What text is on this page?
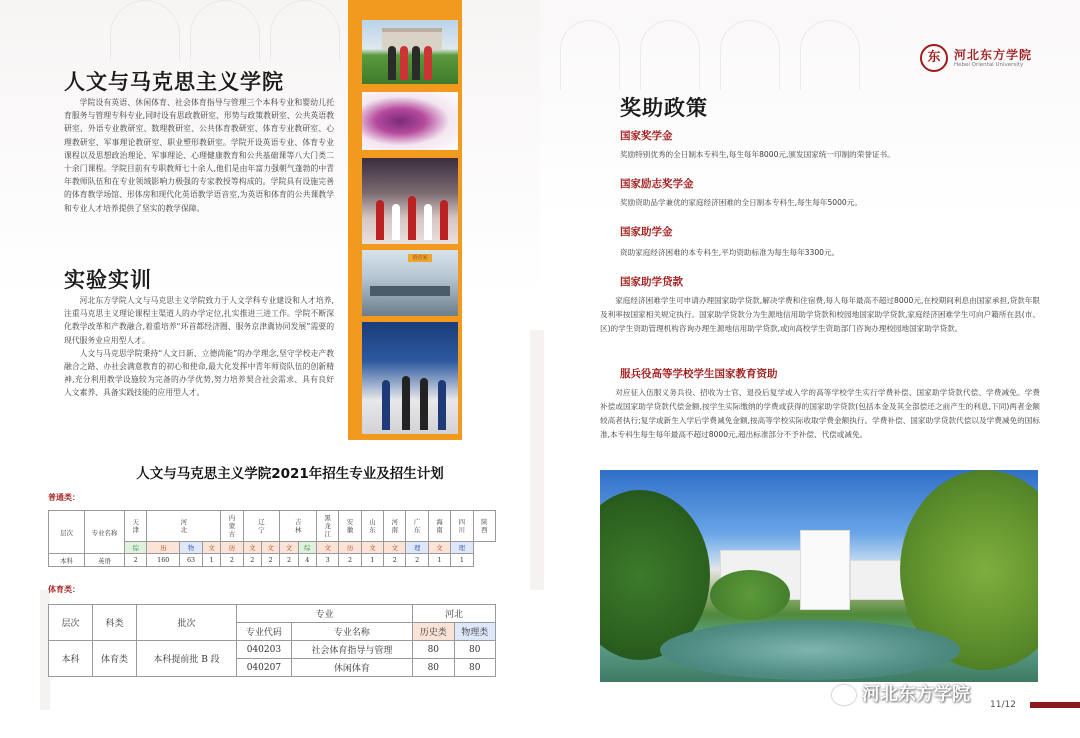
人文与马克思主义学院

学院设有英语、休闲体育、社会体育指导与管理三个本科专业和婴幼儿托育服务与管理专科专业,同时设有思政教研室、形势与政策教研室、公共英语教研室、外语专业教研室、数理教研室、公共体育教研室、体育专业教研室、心理教研室、军事理论教研室、职业塑形教研室。学院开设英语专业、体育专业课程以及思想政治理论、军事理论、心理健康教育和公共基础课等八大门类二十余门课程。学院目前有专职教师七十余人,他们是由年富力强朝气蓬勃的中青年教师队伍和在专业领域影响力极强的专家教授等构成的。学院具有设施完善的体育教学场馆、形体房和现代化英语教学语音室,为英语和体育的公共课教学和专业人才培养提供了坚实的教学保障。

实验实训

河北东方学院人文与马克思主义学院致力于人文学科专业建设和人才培养,注重马克思主义理论课程主渠道人的办学定位,扎实推进三进工作。学院不断深化教学改革和产教融合,着重培养“环首都经济圈、服务京津冀协同发展”需要的现代服务业应用型人才。

人文与马克思学院秉持“人文日新、立德尚能”的办学理念,坚守学校走产教融合之路、办社会满意教育的初心和使命,最大化发挥中青年师资队伍的创新精神,充分利用教学设施较为完备的办学优势,努力培养契合社会需求、具有良好人文素养、具备实践技能的应用型人才。

语音室
人文与马克思主义学院2021年招生专业及招生计划
普通类：
层次	专业名称	天津	河北			内蒙古	辽宁		吉林		黑龙江	安徽	山东	河南	广东	海南	四川	陕西
		综	历	物	文	历	文	文	文	综	文	历	文	文	理	文	理	
本科	英语	2	160	63	1	2	2	2	2	4	3	2	1	2	2	1	1	
体育类：
层次	科类	批次	专业		河北	
			专业代码	专业名称	历史类	物理类
本科	体育类	本科提前批 B 段	040203	社会体育指导与管理	80	80
			040207	休闲体育	80	80
东	河北东方学院
Hebei Oriental University
奖助政策
国家奖学金
奖励特别优秀的全日制本专科生,每生每年8000元,颁发国家统一印制的荣誉证书。
国家励志奖学金
奖励资助品学兼优的家庭经济困难的全日制本专科生,每生每年5000元。
国家助学金
资助家庭经济困难的本专科生,平均资助标准为每生每年3300元。
国家助学贷款
家庭经济困难学生可申请办理国家助学贷款,解决学费和住宿费,每人每年最高不超过8000元,在校期间利息由国家承担,贷款年限及利率按国家相关规定执行。国家助学贷款分为生源地信用助学贷款和校园地国家助学贷款,家庭经济困难学生可向户籍所在县(市、区)的学生资助管理机构咨询办理生源地信用助学贷款,或向高校学生资助部门咨询办理校园地国家助学贷款。
服兵役高等学校学生国家教育资助
对应征入伍服义务兵役、招收为士官、退役后复学或入学的高等学校学生实行学费补偿、国家助学贷款代偿、学费减免。学费补偿或国家助学贷款代偿金额,按学生实际缴纳的学费或获得的国家助学贷款(包括本金及其全部偿还之前产生的利息,下同)两者金额较高者执行;复学或新生入学后学费减免金额,按高等学校实际收取学费金额执行。学费补偿、国家助学贷款代偿以及学费减免的国标准,本专科生每生每年最高不超过8000元,超出标准部分不予补偿、代偿或减免。
河北东方学院 11/12
